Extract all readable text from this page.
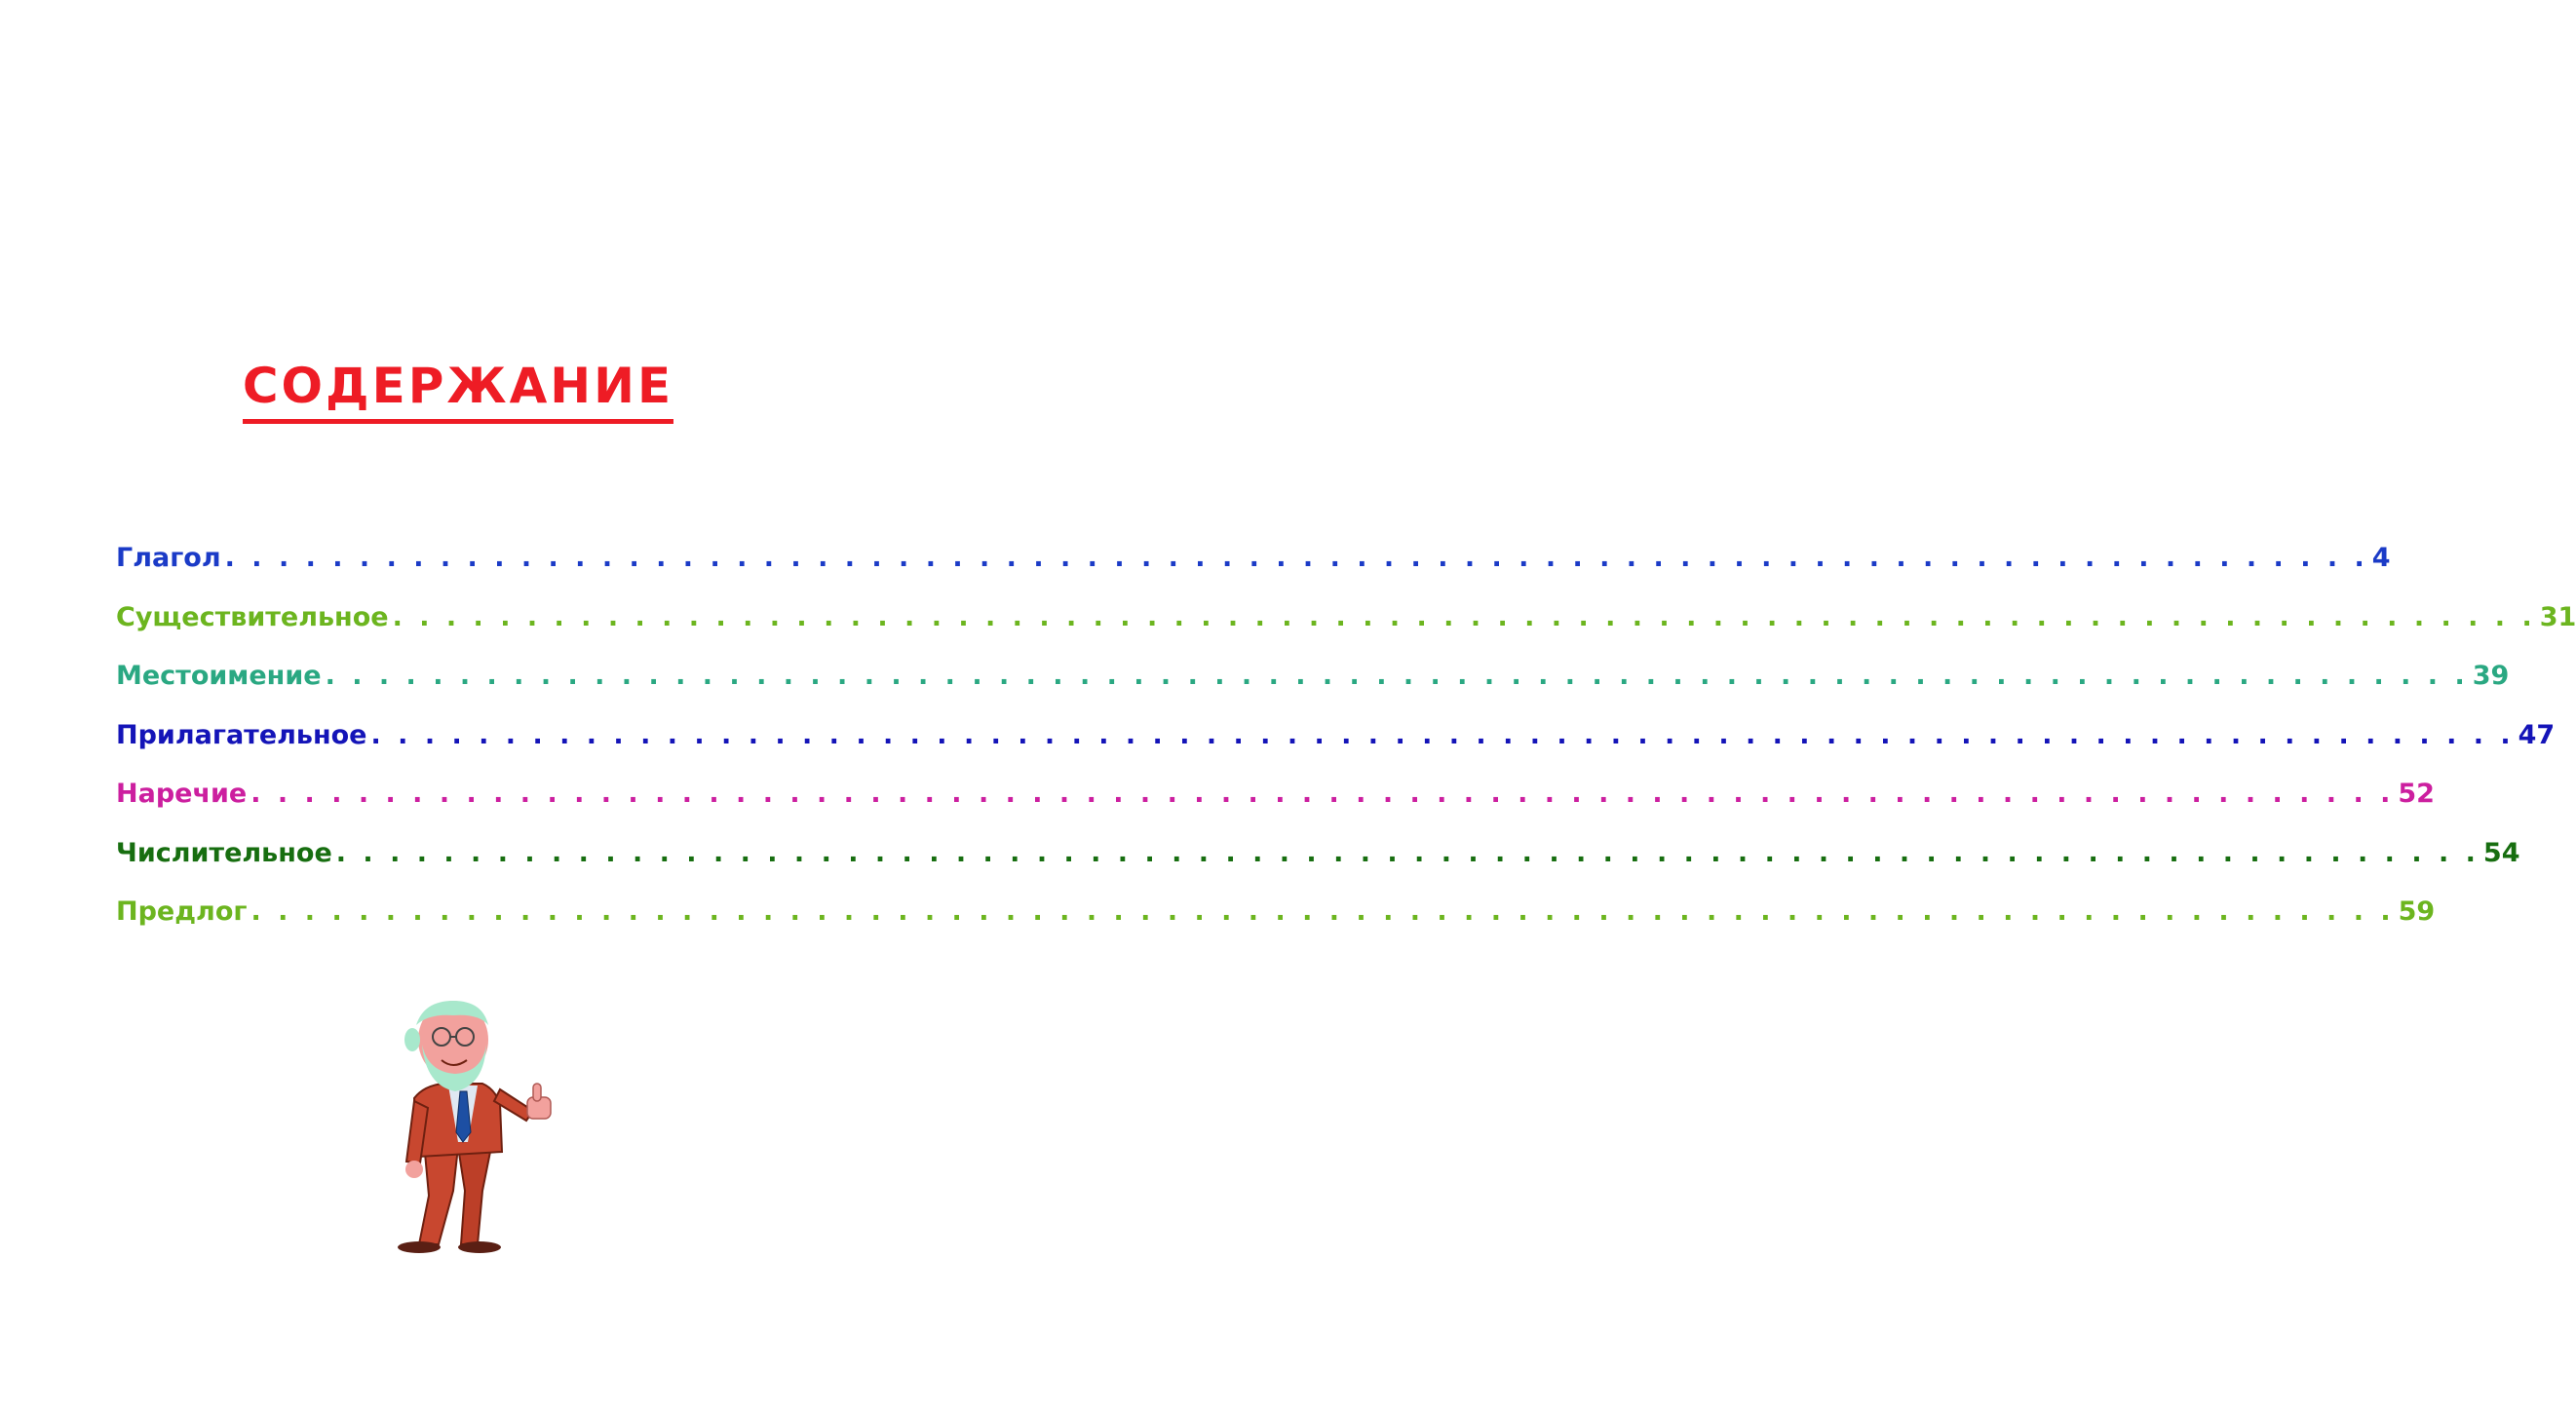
СОДЕРЖАНИЕ
Глагол . . . . . . . . . . . . . . . . . . . . . . . . . . . . . . . . . . . . . . . . . . . . . . . . . . . . . . . . . . . . . . . . . . . . . . . . . . . . . . . . 4
Существительное . . . . . . . . . . . . . . . . . . . . . . . . . . . . . . . . . . . . . . . . . . . . . . . . . . . . . . . . . . . . . . . . . . . . . . . . . . . . . . . . 31
Местоимение . . . . . . . . . . . . . . . . . . . . . . . . . . . . . . . . . . . . . . . . . . . . . . . . . . . . . . . . . . . . . . . . . . . . . . . . . . . . . . . . 39
Прилагательное . . . . . . . . . . . . . . . . . . . . . . . . . . . . . . . . . . . . . . . . . . . . . . . . . . . . . . . . . . . . . . . . . . . . . . . . . . . . . . . . 47
Наречие . . . . . . . . . . . . . . . . . . . . . . . . . . . . . . . . . . . . . . . . . . . . . . . . . . . . . . . . . . . . . . . . . . . . . . . . . . . . . . . . 52
Числительное . . . . . . . . . . . . . . . . . . . . . . . . . . . . . . . . . . . . . . . . . . . . . . . . . . . . . . . . . . . . . . . . . . . . . . . . . . . . . . . . 54
Предлог . . . . . . . . . . . . . . . . . . . . . . . . . . . . . . . . . . . . . . . . . . . . . . . . . . . . . . . . . . . . . . . . . . . . . . . . . . . . . . . . 59
